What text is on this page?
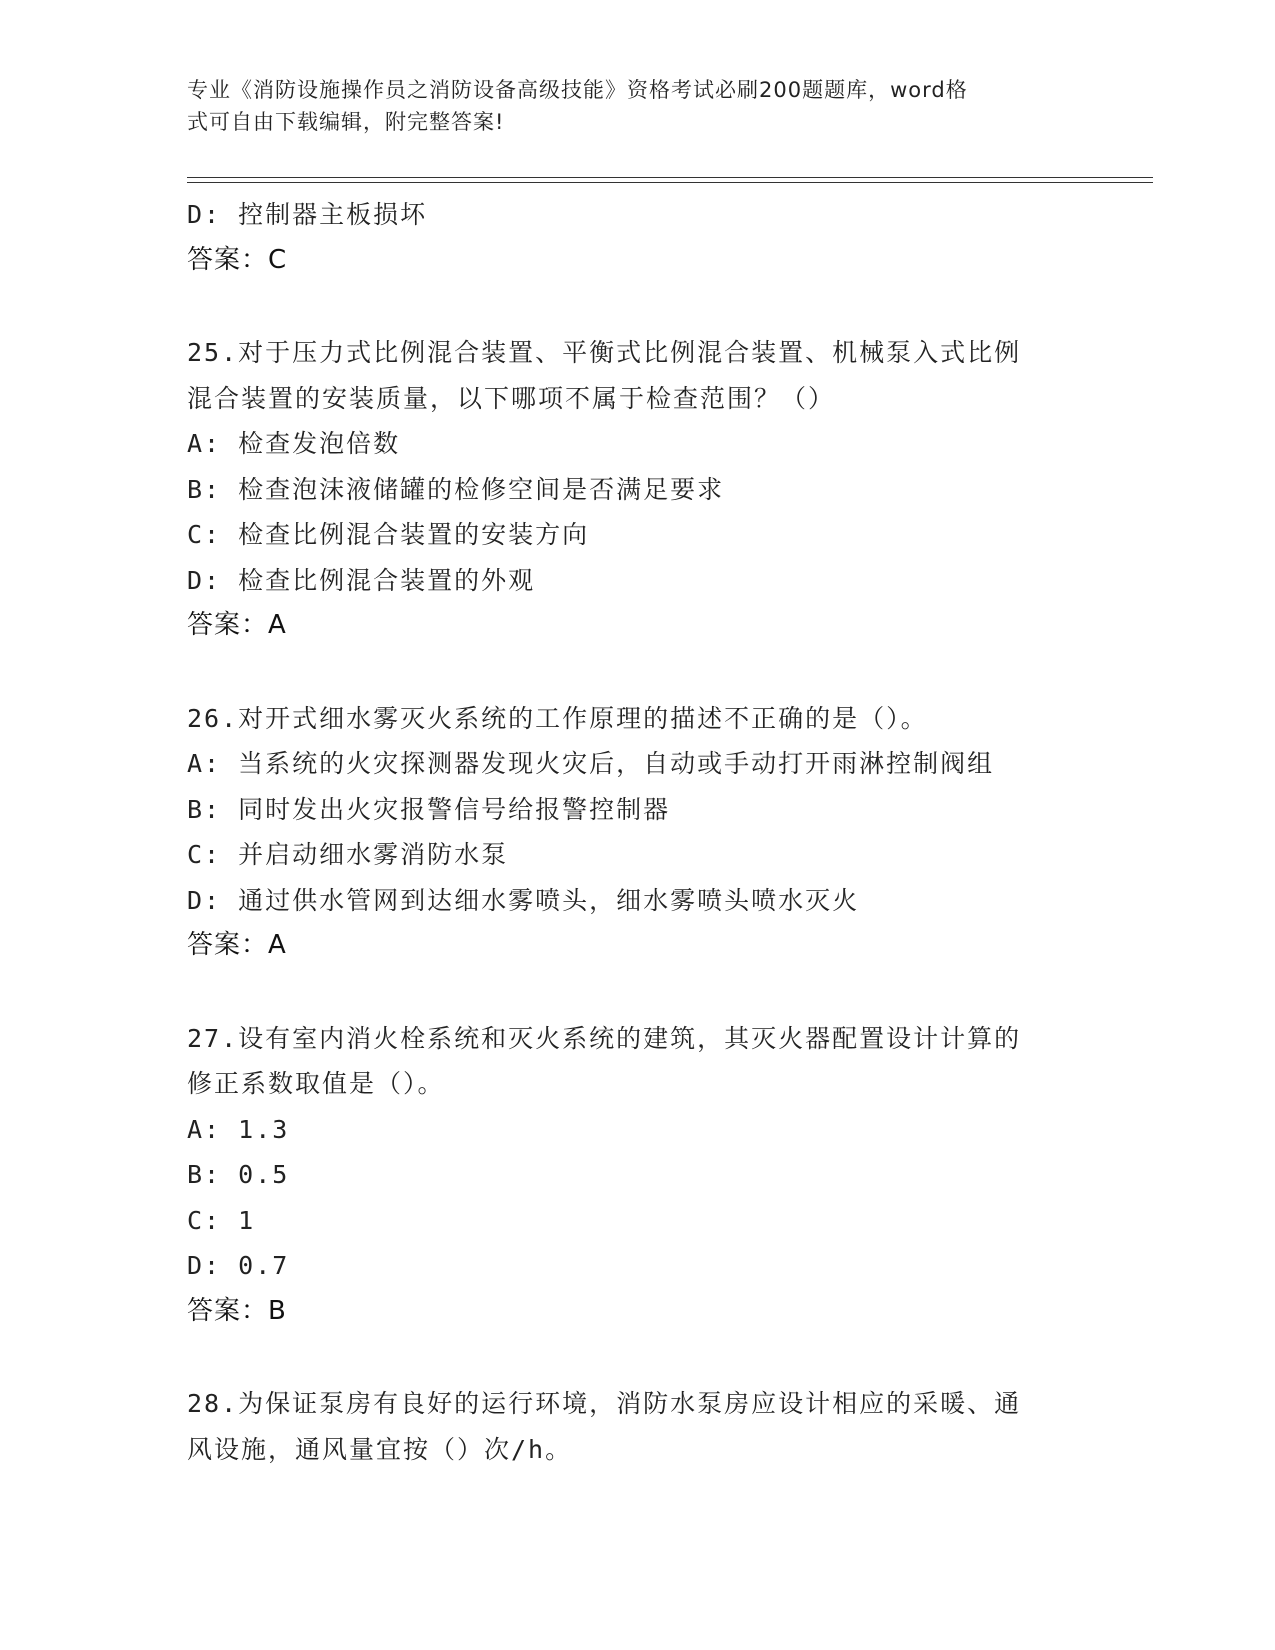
专业《消防设施操作员之消防设备高级技能》资格考试必刷200题题库，word格
式可自由下载编辑，附完整答案!
D: 控制器主板损坏
答案：C
25.对于压力式比例混合装置、平衡式比例混合装置、机械泵入式比例
混合装置的安装质量，以下哪项不属于检查范围？（）
A: 检查发泡倍数
B: 检查泡沫液储罐的检修空间是否满足要求
C: 检查比例混合装置的安装方向
D: 检查比例混合装置的外观
答案：A
26.对开式细水雾灭火系统的工作原理的描述不正确的是（）。
A: 当系统的火灾探测器发现火灾后，自动或手动打开雨淋控制阀组
B: 同时发出火灾报警信号给报警控制器
C: 并启动细水雾消防水泵
D: 通过供水管网到达细水雾喷头，细水雾喷头喷水灭火
答案：A
27.设有室内消火栓系统和灭火系统的建筑，其灭火器配置设计计算的
修正系数取值是（）。
A: 1.3
B: 0.5
C: 1
D: 0.7
答案：B
28.为保证泵房有良好的运行环境，消防水泵房应设计相应的采暖、通
风设施，通风量宜按（）次/h。
